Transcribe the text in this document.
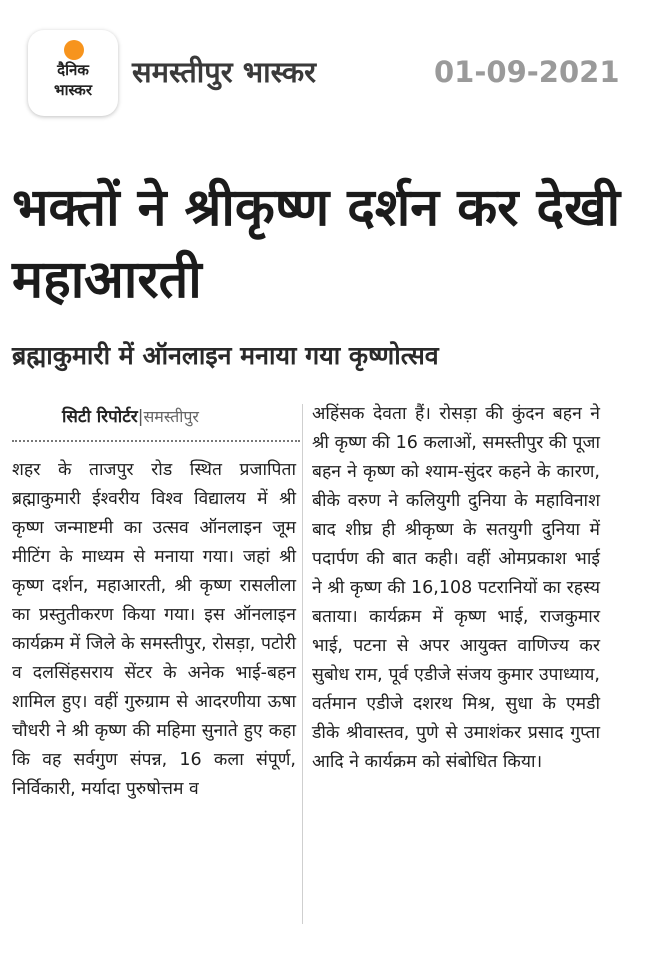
दैनिक
भास्कर
समस्तीपुर भास्कर	01-09-2021
भक्तों ने श्रीकृष्ण दर्शन कर देखी महाआरती
ब्रह्माकुमारी में ऑनलाइन मनाया गया कृष्णोत्सव
सिटी रिपोर्टर|समस्तीपुर

शहर के ताजपुर रोड स्थित प्रजापिता ब्रह्माकुमारी ईश्वरीय विश्व विद्यालय में श्री कृष्ण जन्माष्टमी का उत्सव ऑनलाइन जूम मीटिंग के माध्यम से मनाया गया। जहां श्री कृष्ण दर्शन, महाआरती, श्री कृष्ण रासलीला का प्रस्तुतीकरण किया गया। इस ऑनलाइन कार्यक्रम में जिले के समस्तीपुर, रोसड़ा, पटोरी व दलसिंहसराय सेंटर के अनेक भाई-बहन शामिल हुए। वहीं गुरुग्राम से आदरणीया ऊषा चौधरी ने श्री कृष्ण की महिमा सुनाते हुए कहा कि वह सर्वगुण संपन्न, 16 कला संपूर्ण, निर्विकारी, मर्यादा पुरुषोत्तम व

अहिंसक देवता हैं। रोसड़ा की कुंदन बहन ने श्री कृष्ण की 16 कलाओं, समस्तीपुर की पूजा बहन ने कृष्ण को श्याम-सुंदर कहने के कारण, बीके वरुण ने कलियुगी दुनिया के महाविनाश बाद शीघ्र ही श्रीकृष्ण के सतयुगी दुनिया में पदार्पण की बात कही। वहीं ओमप्रकाश भाई ने श्री कृष्ण की 16,108 पटरानियों का रहस्य बताया। कार्यक्रम में कृष्ण भाई, राजकुमार भाई, पटना से अपर आयुक्त वाणिज्य कर सुबोध राम, पूर्व एडीजे संजय कुमार उपाध्याय, वर्तमान एडीजे दशरथ मिश्र, सुधा के एमडी डीके श्रीवास्तव, पुणे से उमाशंकर प्रसाद गुप्ता आदि ने कार्यक्रम को संबोधित किया।
